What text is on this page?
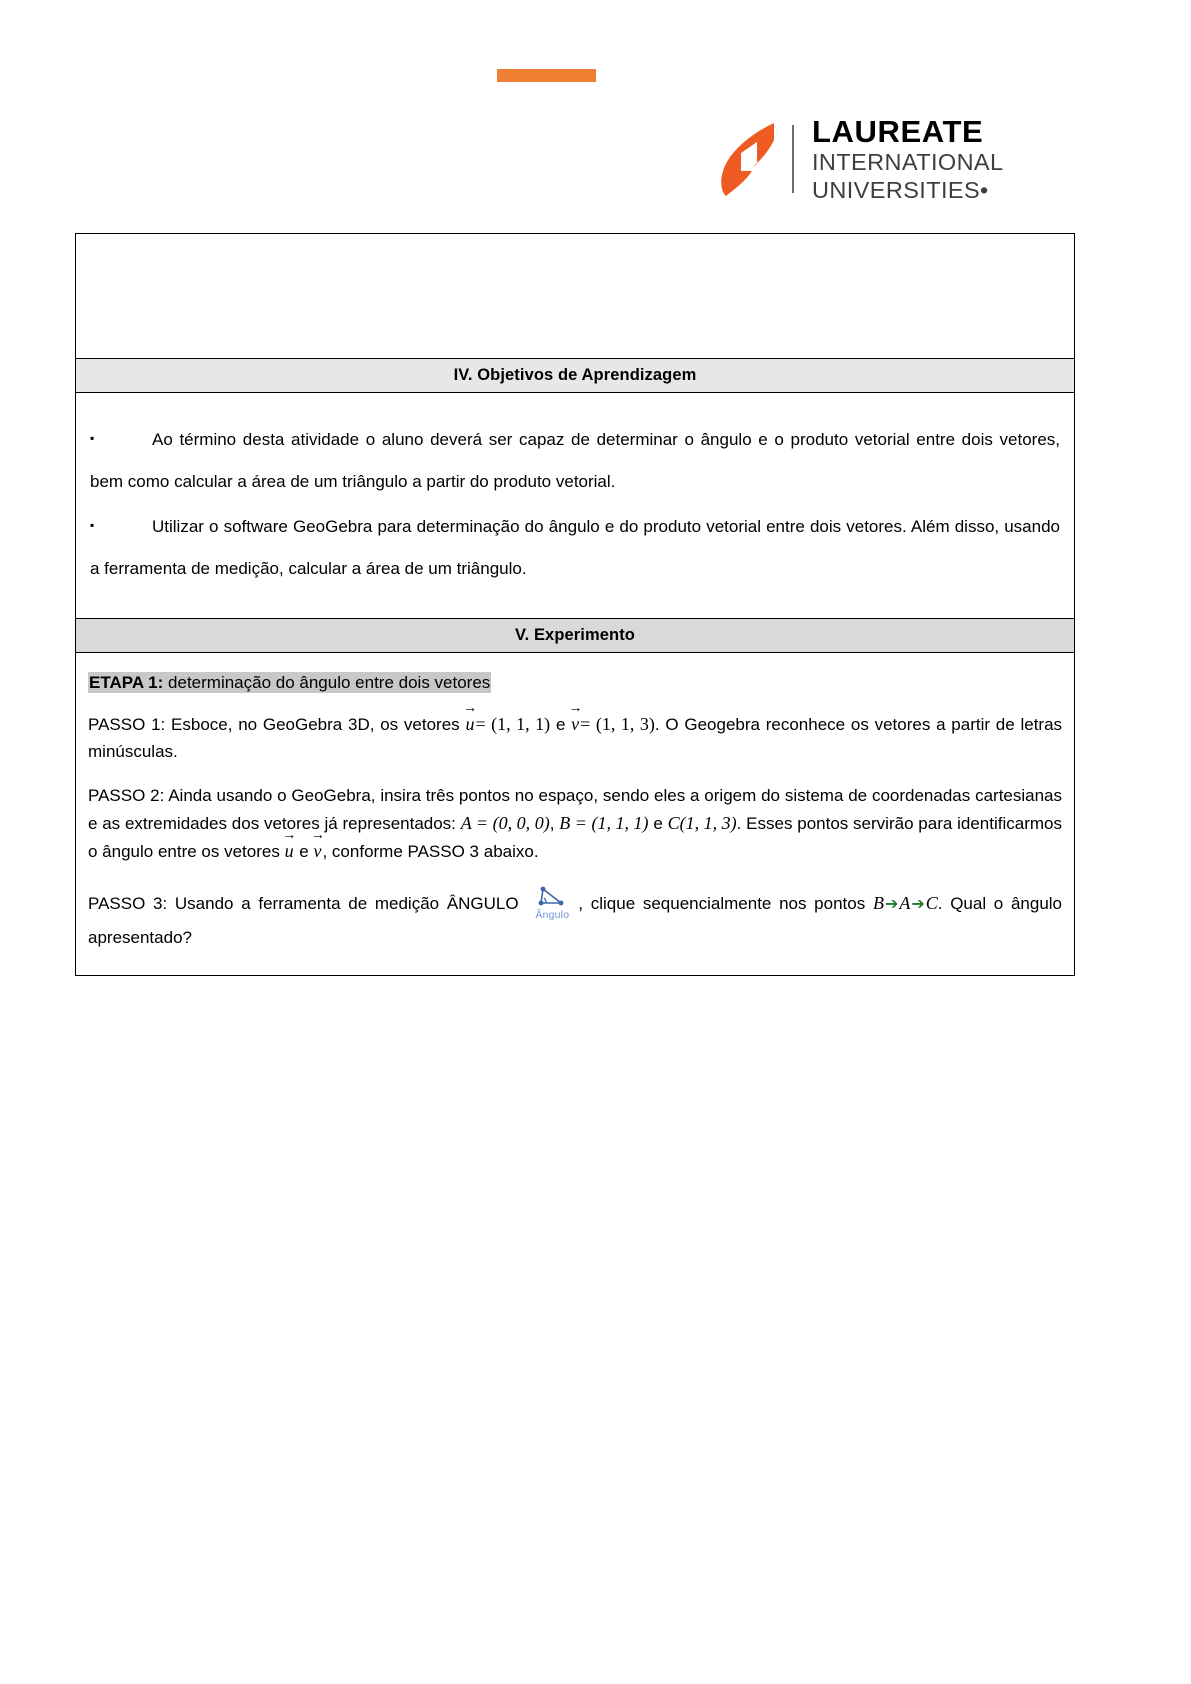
LAUREATE
INTERNATIONAL
UNIVERSITIES•
IV. Objetivos de Aprendizagem

▪Ao término desta atividade o aluno deverá ser capaz de determinar o ângulo e o produto vetorial entre dois vetores, bem como calcular a área de um triângulo a partir do produto vetorial.

▪Utilizar o software GeoGebra para determinação do ângulo e do produto vetorial entre dois vetores. Além disso, usando a ferramenta de medição, calcular a área de um triângulo.

V. Experimento

ETAPA 1: determinação do ângulo entre dois vetores

PASSO 1: Esboce, no GeoGebra 3D, os vetores u →= (1, 1, 1) e v →= (1, 1, 3). O Geogebra reconhece os vetores a partir de letras minúsculas.

PASSO 2: Ainda usando o GeoGebra, insira três pontos no espaço, sendo eles a origem do sistema de coordenadas cartesianas e as extremidades dos vetores já representados: A = (0, 0, 0), B = (1, 1, 1) e C(1, 1, 3). Esses pontos servirão para identificarmos o ângulo entre os vetores u → e v →, conforme PASSO 3 abaixo.

PASSO 3: Usando a ferramenta de medição ÂNGULO
Ângulo
, clique sequencialmente nos pontos B➔A➔C. Qual o ângulo apresentado?
